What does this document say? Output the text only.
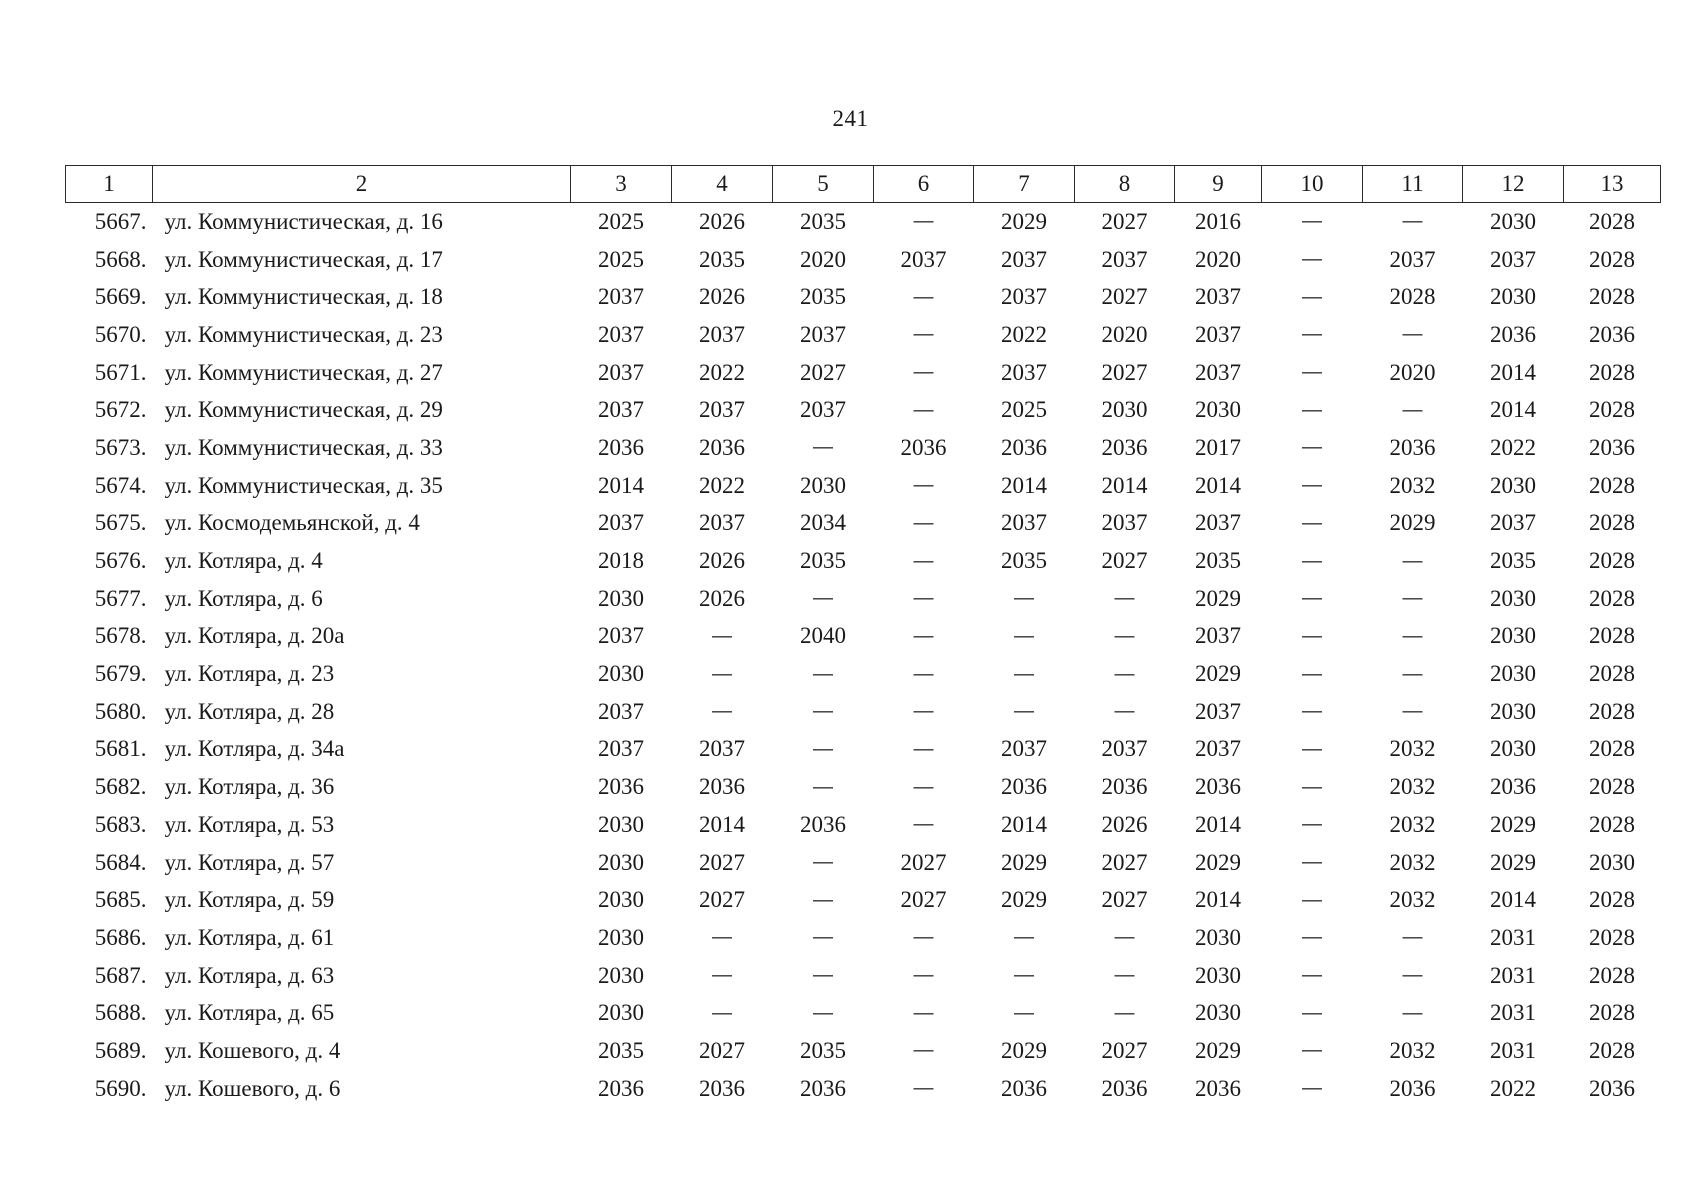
241
1	2	3	4	5	6	7	8	9	10	11	12	13
5667.	ул. Коммунистическая, д. 16	2025	2026	2035	—	2029	2027	2016	—	—	2030	2028
5668.	ул. Коммунистическая, д. 17	2025	2035	2020	2037	2037	2037	2020	—	2037	2037	2028
5669.	ул. Коммунистическая, д. 18	2037	2026	2035	—	2037	2027	2037	—	2028	2030	2028
5670.	ул. Коммунистическая, д. 23	2037	2037	2037	—	2022	2020	2037	—	—	2036	2036
5671.	ул. Коммунистическая, д. 27	2037	2022	2027	—	2037	2027	2037	—	2020	2014	2028
5672.	ул. Коммунистическая, д. 29	2037	2037	2037	—	2025	2030	2030	—	—	2014	2028
5673.	ул. Коммунистическая, д. 33	2036	2036	—	2036	2036	2036	2017	—	2036	2022	2036
5674.	ул. Коммунистическая, д. 35	2014	2022	2030	—	2014	2014	2014	—	2032	2030	2028
5675.	ул. Космодемьянской, д. 4	2037	2037	2034	—	2037	2037	2037	—	2029	2037	2028
5676.	ул. Котляра, д. 4	2018	2026	2035	—	2035	2027	2035	—	—	2035	2028
5677.	ул. Котляра, д. 6	2030	2026	—	—	—	—	2029	—	—	2030	2028
5678.	ул. Котляра, д. 20а	2037	—	2040	—	—	—	2037	—	—	2030	2028
5679.	ул. Котляра, д. 23	2030	—	—	—	—	—	2029	—	—	2030	2028
5680.	ул. Котляра, д. 28	2037	—	—	—	—	—	2037	—	—	2030	2028
5681.	ул. Котляра, д. 34а	2037	2037	—	—	2037	2037	2037	—	2032	2030	2028
5682.	ул. Котляра, д. 36	2036	2036	—	—	2036	2036	2036	—	2032	2036	2028
5683.	ул. Котляра, д. 53	2030	2014	2036	—	2014	2026	2014	—	2032	2029	2028
5684.	ул. Котляра, д. 57	2030	2027	—	2027	2029	2027	2029	—	2032	2029	2030
5685.	ул. Котляра, д. 59	2030	2027	—	2027	2029	2027	2014	—	2032	2014	2028
5686.	ул. Котляра, д. 61	2030	—	—	—	—	—	2030	—	—	2031	2028
5687.	ул. Котляра, д. 63	2030	—	—	—	—	—	2030	—	—	2031	2028
5688.	ул. Котляра, д. 65	2030	—	—	—	—	—	2030	—	—	2031	2028
5689.	ул. Кошевого, д. 4	2035	2027	2035	—	2029	2027	2029	—	2032	2031	2028
5690.	ул. Кошевого, д. 6	2036	2036	2036	—	2036	2036	2036	—	2036	2022	2036
